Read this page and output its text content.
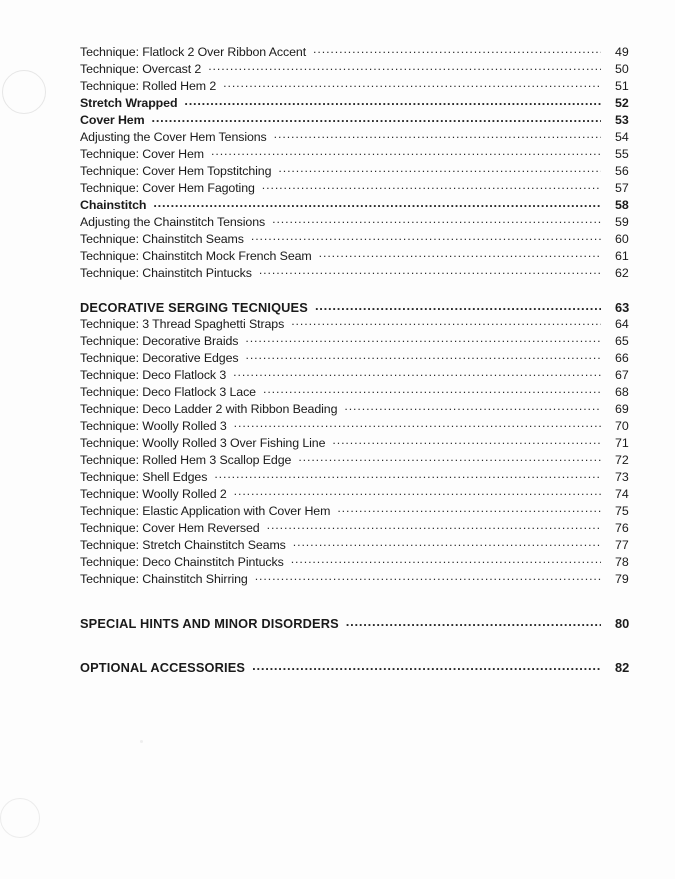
Technique: Flatlock 2 Over Ribbon Accent .....	49
Technique: Overcast 2 .....	50
Technique: Rolled Hem 2 .....	51
Stretch Wrapped .....	52
Cover Hem .....	53
Adjusting the Cover Hem Tensions .....	54
Technique: Cover Hem .....	55
Technique: Cover Hem Topstitching .....	56
Technique: Cover Hem Fagoting .....	57
Chainstitch .....	58
Adjusting the Chainstitch Tensions .....	59
Technique: Chainstitch Seams .....	60
Technique: Chainstitch Mock French Seam .....	61
Technique: Chainstitch Pintucks .....	62
DECORATIVE SERGING TECNIQUES .....	63
Technique: 3 Thread Spaghetti Straps .....	64
Technique: Decorative Braids .....	65
Technique: Decorative Edges .....	66
Technique: Deco Flatlock 3 .....	67
Technique: Deco Flatlock 3 Lace .....	68
Technique: Deco Ladder 2 with Ribbon Beading .....	69
Technique: Woolly Rolled 3 .....	70
Technique: Woolly Rolled 3 Over Fishing Line .....	71
Technique: Rolled Hem 3 Scallop Edge .....	72
Technique: Shell Edges .....	73
Technique: Woolly Rolled 2 .....	74
Technique: Elastic Application with Cover Hem .....	75
Technique: Cover Hem Reversed .....	76
Technique: Stretch Chainstitch Seams .....	77
Technique: Deco Chainstitch Pintucks .....	78
Technique: Chainstitch Shirring .....	79
SPECIAL HINTS AND MINOR DISORDERS .....	80
OPTIONAL ACCESSORIES .....	82
